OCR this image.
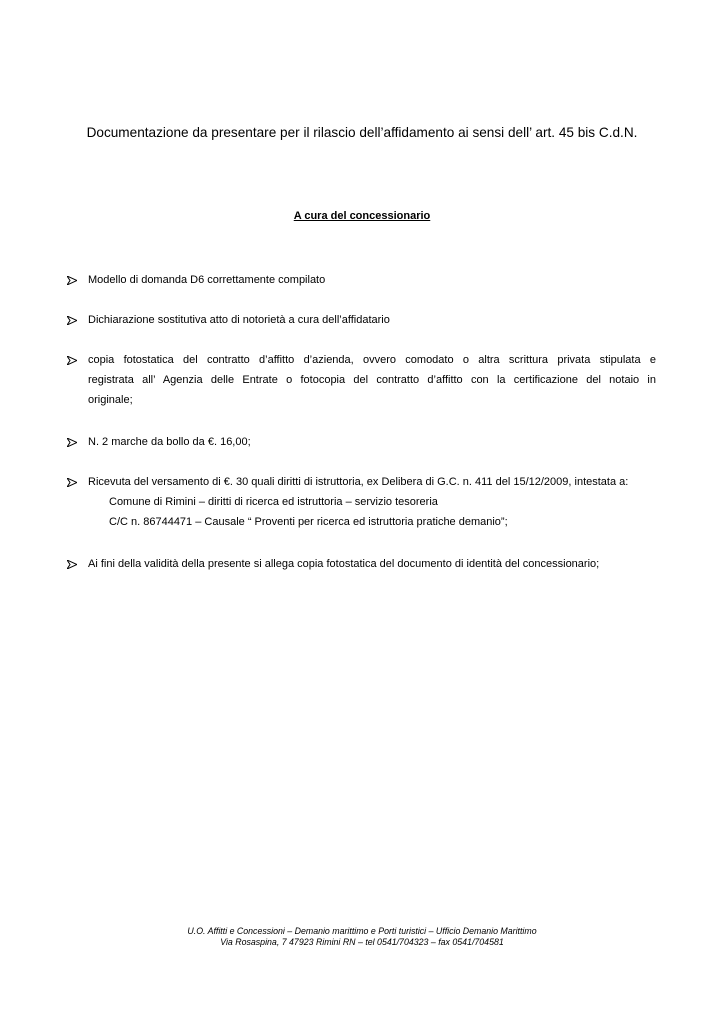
Documentazione da presentare per il rilascio dell’affidamento ai sensi dell’ art. 45 bis C.d.N.
A cura del concessionario
Modello di domanda D6 correttamente compilato
Dichiarazione sostitutiva atto di notorietà a cura dell’affidatario
copia fotostatica del contratto d’affitto d’azienda, ovvero comodato o altra scrittura privata stipulata e
registrata all’ Agenzia delle Entrate o fotocopia del contratto d’affitto con la certificazione del notaio in
originale;
N. 2 marche da bollo da €. 16,00;
Ricevuta del versamento di €. 30 quali diritti di istruttoria, ex Delibera di G.C. n. 411 del 15/12/2009, intestata a:
Comune di Rimini – diritti di ricerca ed istruttoria – servizio tesoreria
C/C n. 86744471 – Causale “ Proventi per ricerca ed istruttoria pratiche demanio”;
Ai fini della validità della presente si allega copia fotostatica del documento di identità del concessionario;
U.O. Affitti e Concessioni – Demanio marittimo e Porti turistici – Ufficio Demanio Marittimo
Via Rosaspina, 7 47923 Rimini RN – tel 0541/704323 – fax 0541/704581
